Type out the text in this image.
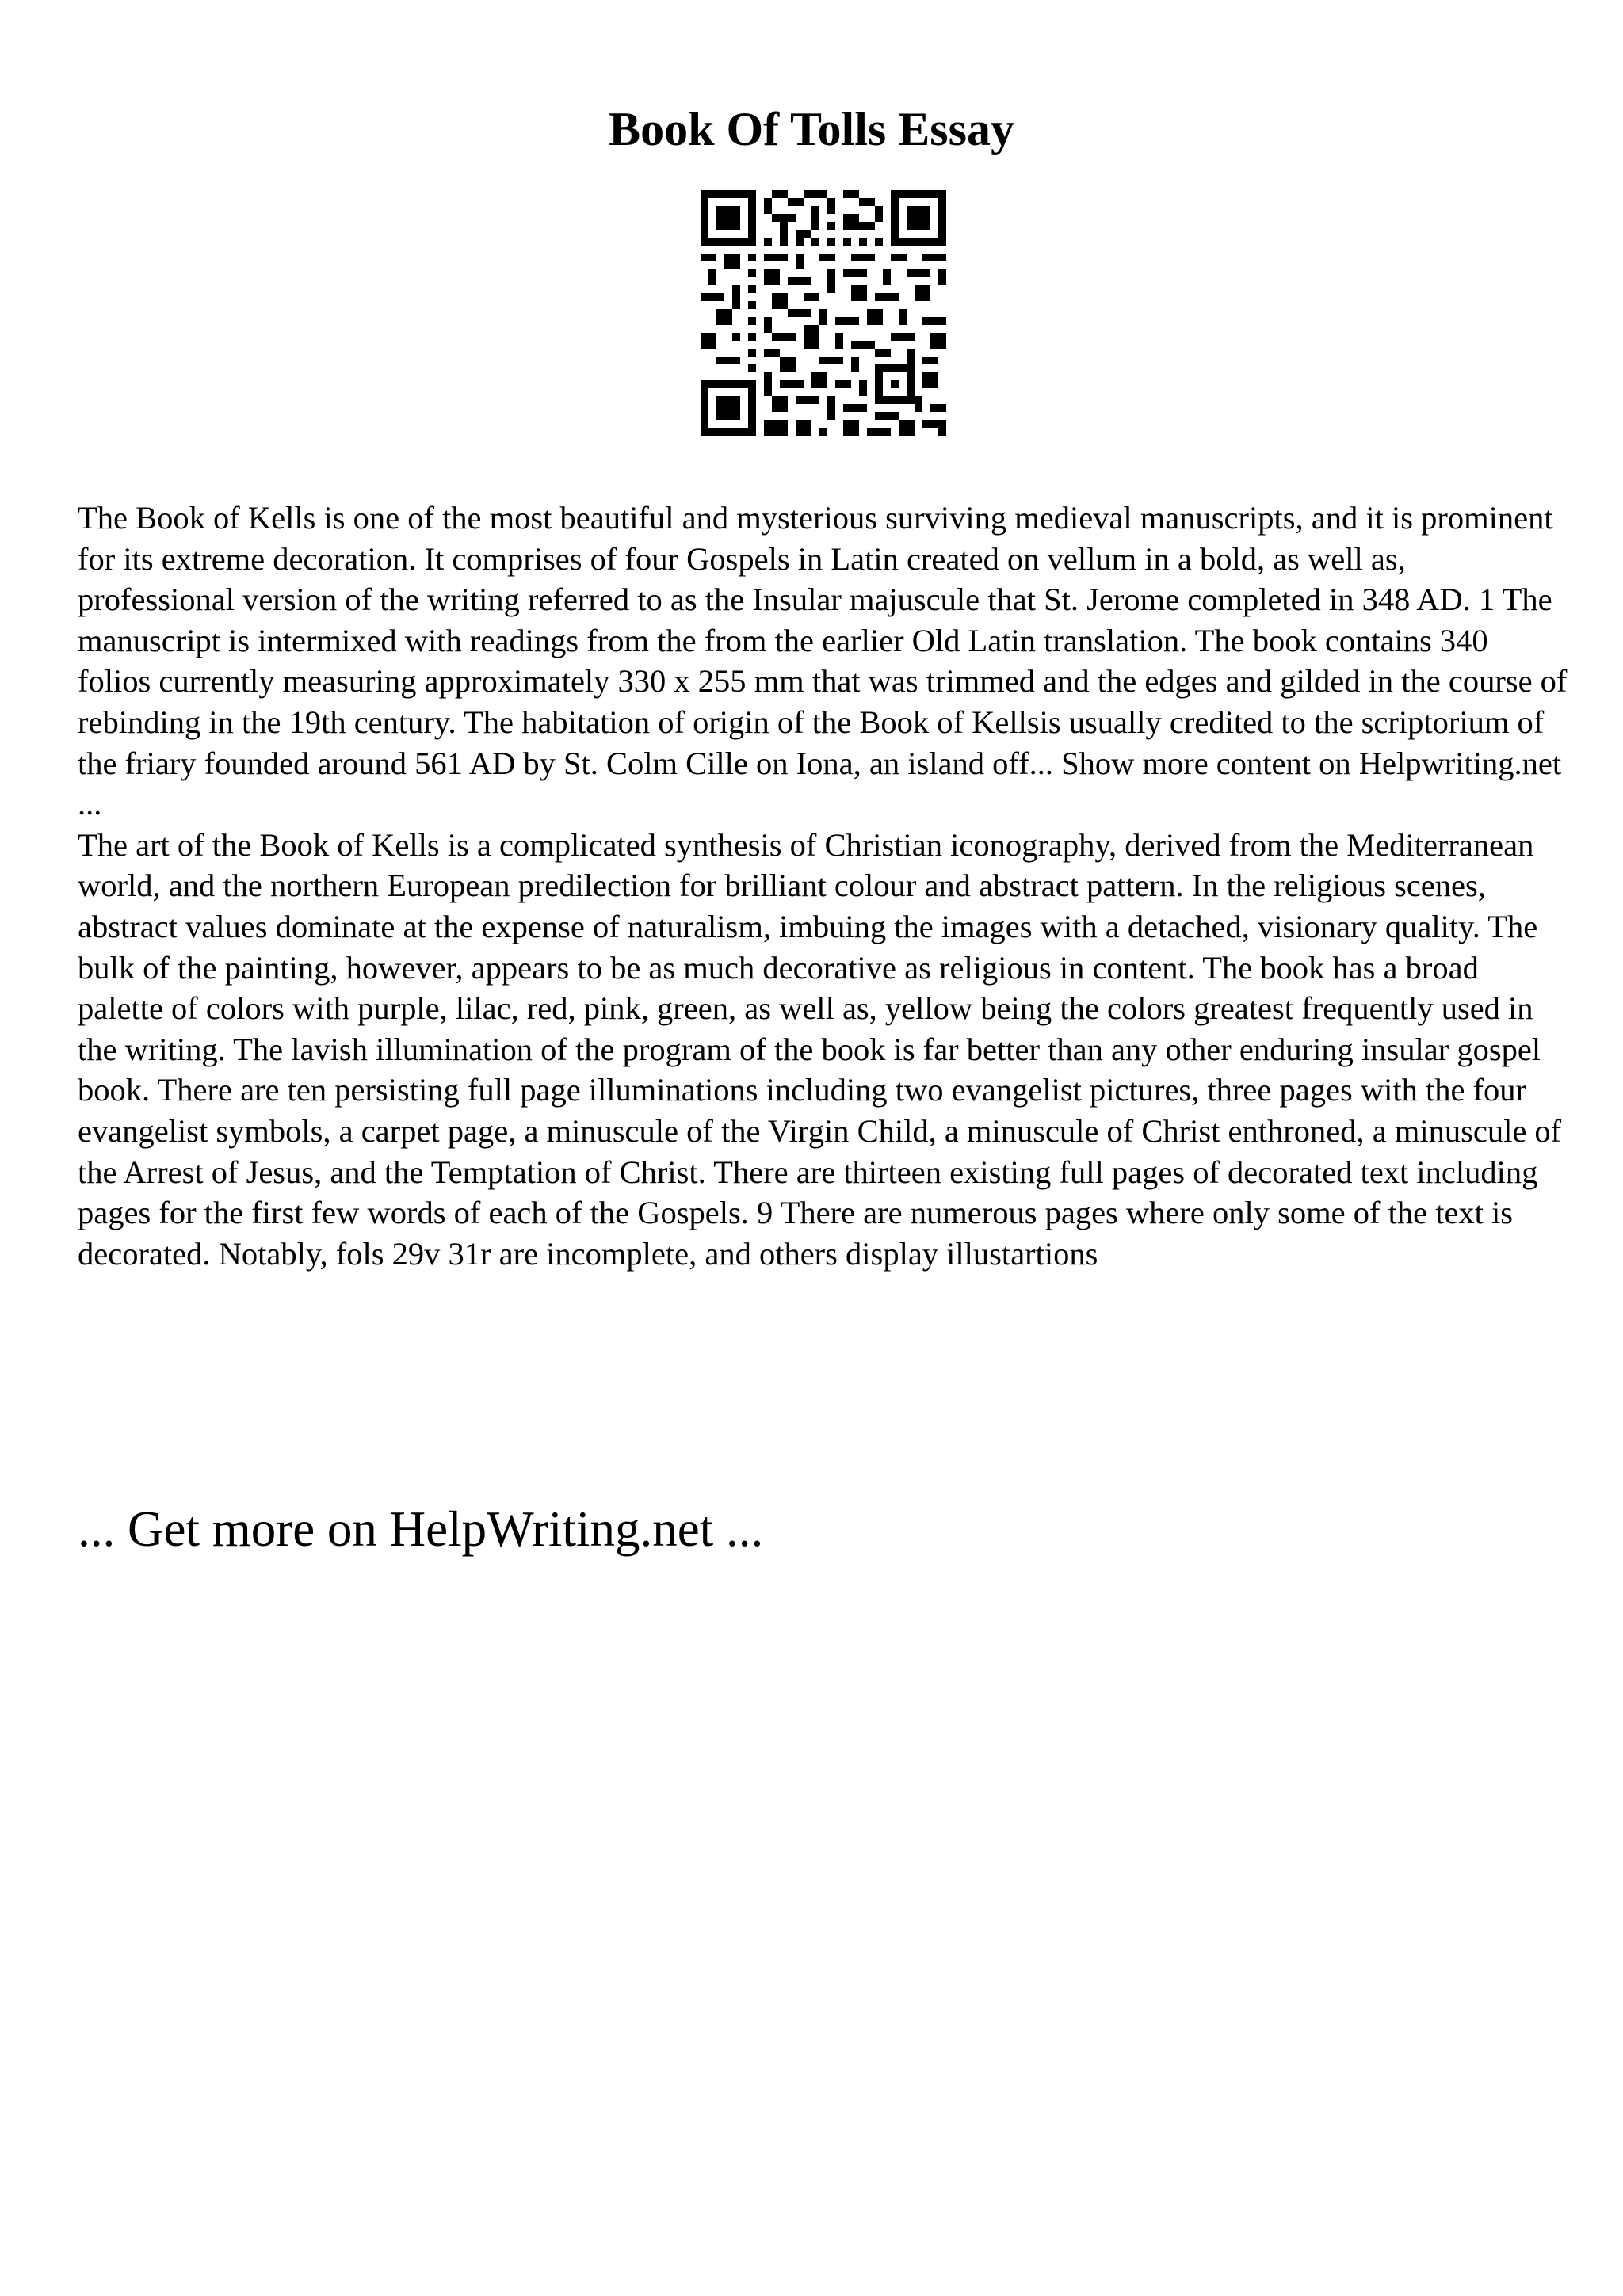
Book Of Tolls Essay

The Book of Kells is one of the most beautiful and mysterious surviving medieval manuscripts, and it is prominent for its extreme decoration. It comprises of four Gospels in Latin created on vellum in a bold, as well as, professional version of the writing referred to as the Insular majuscule that St. Jerome completed in 348 AD. 1 The manuscript is intermixed with readings from the from the earlier Old Latin translation. The book contains 340 folios currently measuring approximately 330 x 255 mm that was trimmed and the edges and gilded in the course of rebinding in the 19th century. The habitation of origin of the Book of Kellsis usually credited to the scriptorium of the friary founded around 561 AD by St. Colm Cille on Iona, an island off... Show more content on Helpwriting.net ...

The art of the Book of Kells is a complicated synthesis of Christian iconography, derived from the Mediterranean world, and the northern European predilection for brilliant colour and abstract pattern. In the religious scenes, abstract values dominate at the expense of naturalism, imbuing the images with a detached, visionary quality. The bulk of the painting, however, appears to be as much decorative as religious in content. The book has a broad palette of colors with purple, lilac, red, pink, green, as well as, yellow being the colors greatest frequently used in the writing. The lavish illumination of the program of the book is far better than any other enduring insular gospel book. There are ten persisting full page illuminations including two evangelist pictures, three pages with the four evangelist symbols, a carpet page, a minuscule of the Virgin Child, a minuscule of Christ enthroned, a minuscule of the Arrest of Jesus, and the Temptation of Christ. There are thirteen existing full pages of decorated text including pages for the first few words of each of the Gospels. 9 There are numerous pages where only some of the text is decorated. Notably, fols 29v 31r are incomplete, and others display illustartions

... Get more on HelpWriting.net ...
